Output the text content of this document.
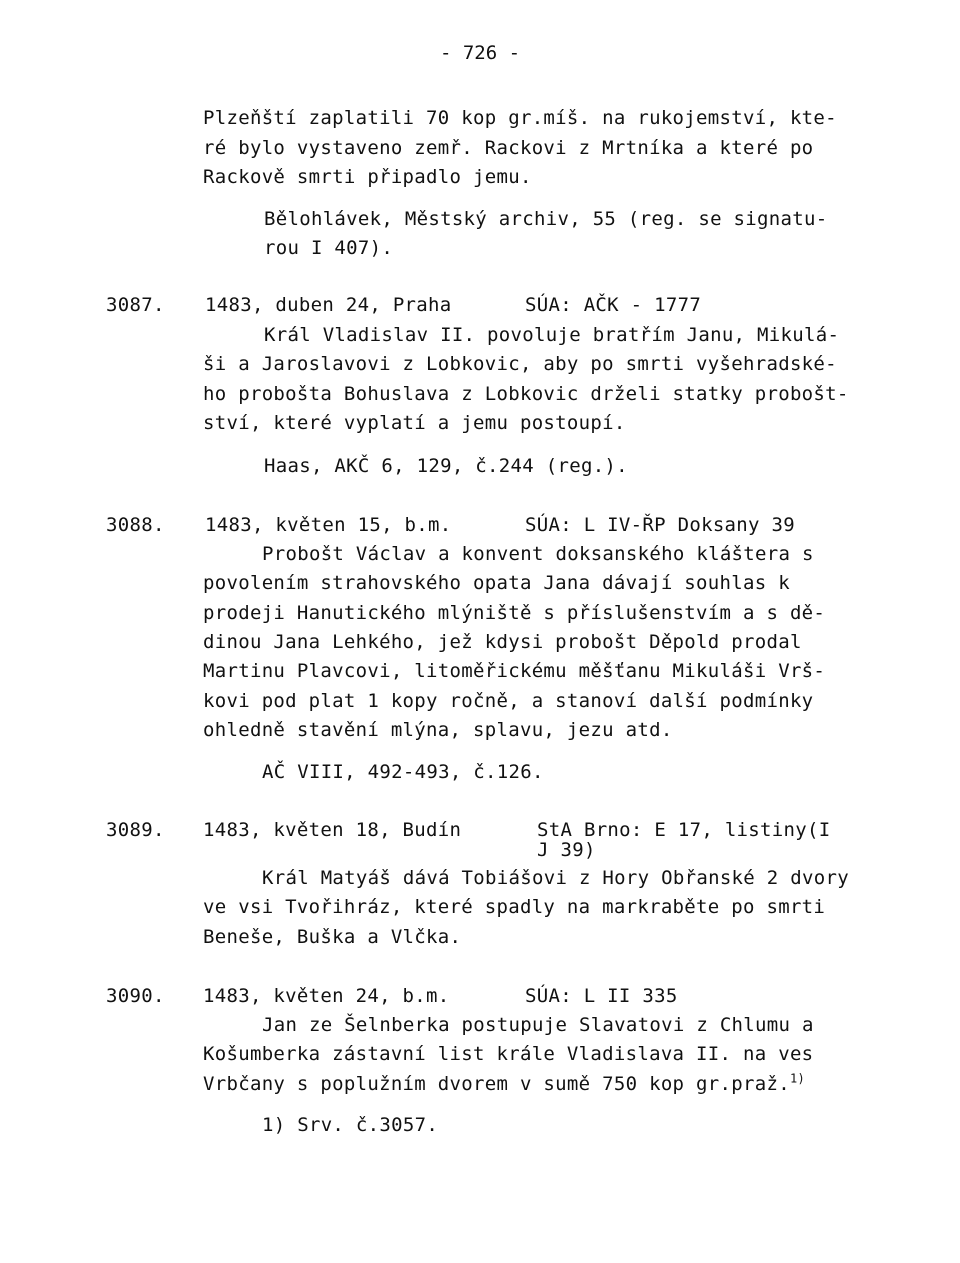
- 726 -
Plzeňští zaplatili 70 kop gr.míš. na rukojemství, kte-
ré bylo vystaveno zemř. Rackovi z Mrtníka a které po
Rackově smrti připadlo jemu.
Bělohlávek, Městský archiv, 55 (reg. se signatu-
rou I 407).
3087. 1483, duben 24, Praha	SÚA: AČK - 1777
Král Vladislav II. povoluje bratřím Janu, Mikulá-
ši a Jaroslavovi z Lobkovic, aby po smrti vyšehradské-
ho proboštа Bohuslava z Lobkovic drželi statky probošt-
ství, které vyplatí a jemu postoupí.
Haas, AKČ 6, 129, č.244 (reg.).
3088. 1483, květen 15, b.m.	SÚA: L IV-ŘP Doksany 39
Probošt Václav a konvent doksanského kláštera s
povolením strahovského opata Jana dávají souhlas k
prodeji Hanutického mlýniště s příslušenstvím a s dě-
dinou Jana Lehkého, jež kdysi probošt Děpold prodal
Martinu Plavcovi, litoměřickému měšťanu Mikuláši Vrš-
kovi pod plat 1 kopy ročně, a stanoví další podmínky
ohledně stavění mlýna, splavu, jezu atd.
AČ VIII, 492-493, č.126.
3089. 1483, květen 18, Budín	StA Brno: E 17, listiny(I
J 39)
Král Matyáš dává Tobiášovi z Hory Obřanské 2 dvory
ve vsi Tvořihráz, které spadly na markraběte po smrti
Beneše, Buška a Vlčka.
3090. 1483, květen 24, b.m.	SÚA: L II 335
Jan ze Šelnberka postupuje Slavatovi z Chlumu a
Košumberka zástavní list krále Vladislava II. na ves
Vrbčany s poplužním dvorem v sumě 750 kop gr.praž.$^{1)}$
1) Srv. č.3057.
